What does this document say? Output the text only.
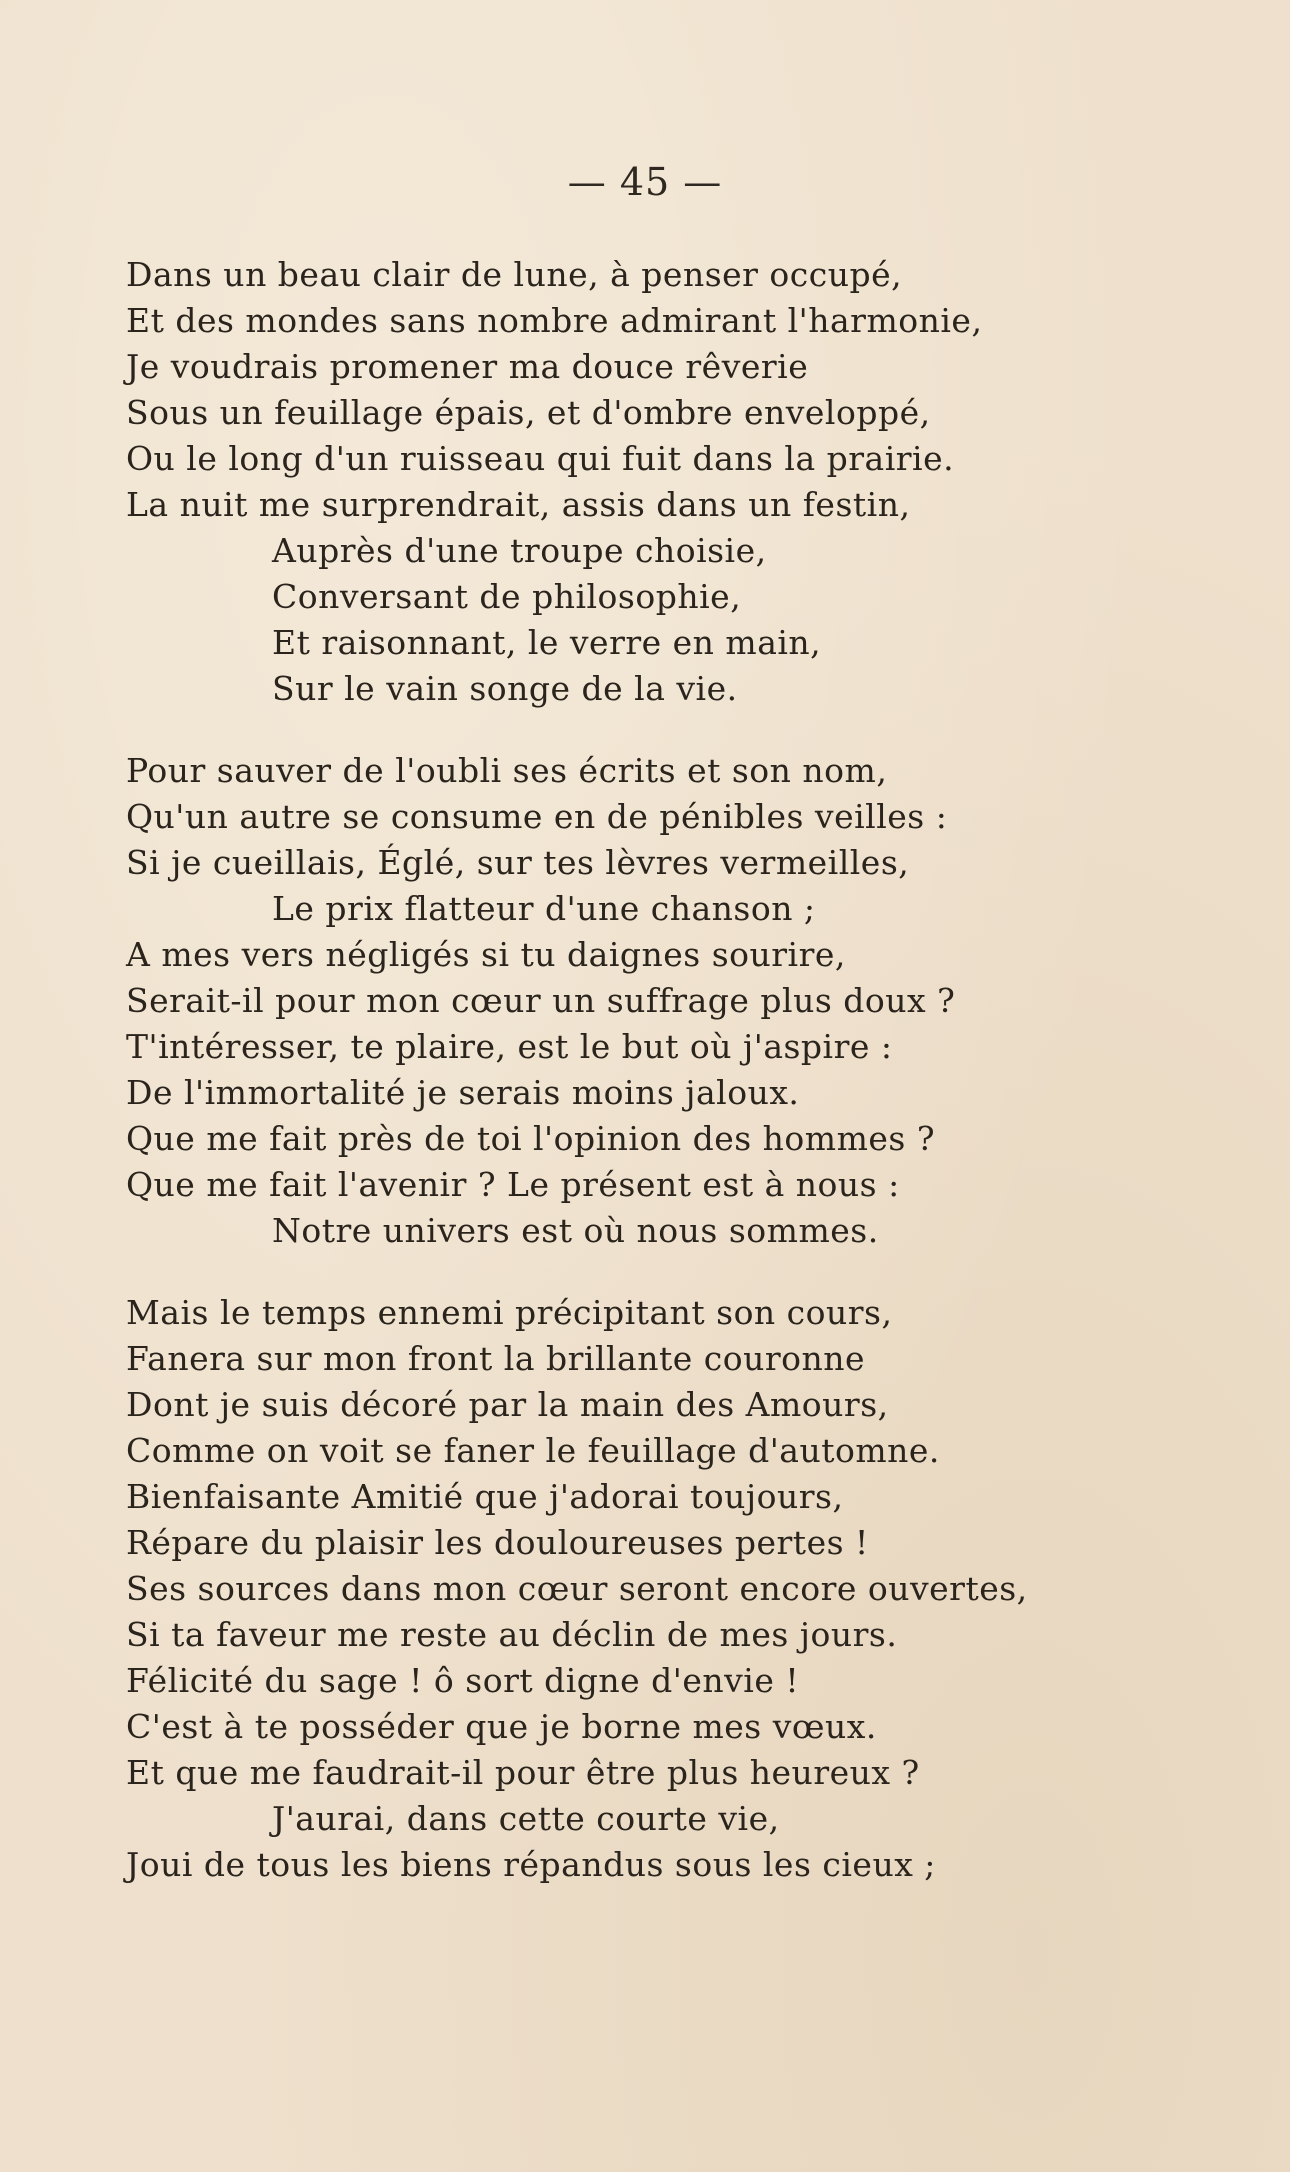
— 45 —
Dans un beau clair de lune, à penser occupé,
Et des mondes sans nombre admirant l'harmonie,
Je voudrais promener ma douce rêverie
Sous un feuillage épais, et d'ombre enveloppé,
Ou le long d'un ruisseau qui fuit dans la prairie.
La nuit me surprendrait, assis dans un festin,
Auprès d'une troupe choisie,
Conversant de philosophie,
Et raisonnant, le verre en main,
Sur le vain songe de la vie.
Pour sauver de l'oubli ses écrits et son nom,
Qu'un autre se consume en de pénibles veilles :
Si je cueillais, Églé, sur tes lèvres vermeilles,
Le prix flatteur d'une chanson ;
A mes vers négligés si tu daignes sourire,
Serait-il pour mon cœur un suffrage plus doux ?
T'intéresser, te plaire, est le but où j'aspire :
De l'immortalité je serais moins jaloux.
Que me fait près de toi l'opinion des hommes ?
Que me fait l'avenir ? Le présent est à nous :
Notre univers est où nous sommes.
Mais le temps ennemi précipitant son cours,
Fanera sur mon front la brillante couronne
Dont je suis décoré par la main des Amours,
Comme on voit se faner le feuillage d'automne.
Bienfaisante Amitié que j'adorai toujours,
Répare du plaisir les douloureuses pertes !
Ses sources dans mon cœur seront encore ouvertes,
Si ta faveur me reste au déclin de mes jours.
Félicité du sage ! ô sort digne d'envie !
C'est à te posséder que je borne mes vœux.
Et que me faudrait-il pour être plus heureux ?
J'aurai, dans cette courte vie,
Joui de tous les biens répandus sous les cieux ;
